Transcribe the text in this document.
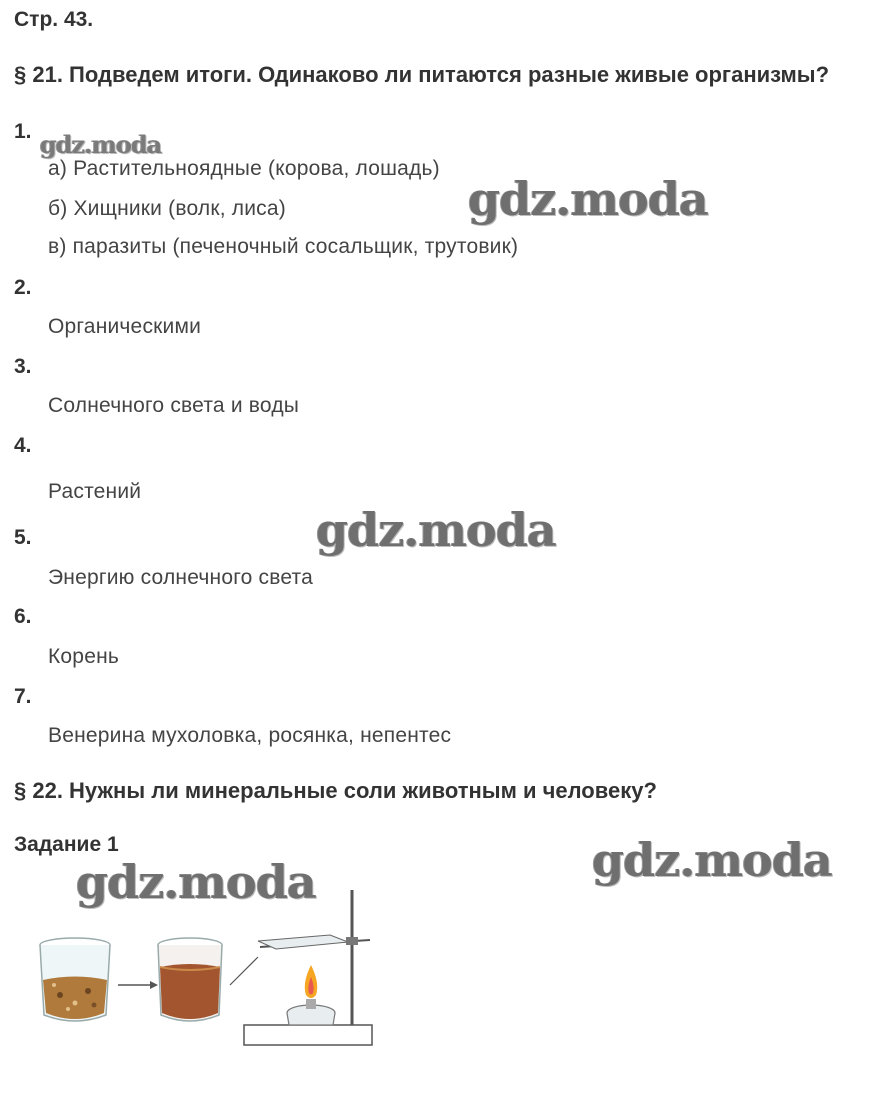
Стр. 43.
§ 21. Подведем итоги. Одинаково ли питаются разные живые организмы?
1.
а) Растительноядные (корова, лошадь)
б) Хищники (волк, лиса)
в) паразиты (печеночный сосальщик, трутовик)
2.
Органическими
3.
Солнечного света и воды
4.
Растений
5.
Энергию солнечного света
6.
Корень
7.
Венерина мухоловка, росянка, непентес
§ 22. Нужны ли минеральные соли животным и человеку?
Задание 1
gdz.moda
gdz.moda
gdz.moda
gdz.moda
gdz.moda
